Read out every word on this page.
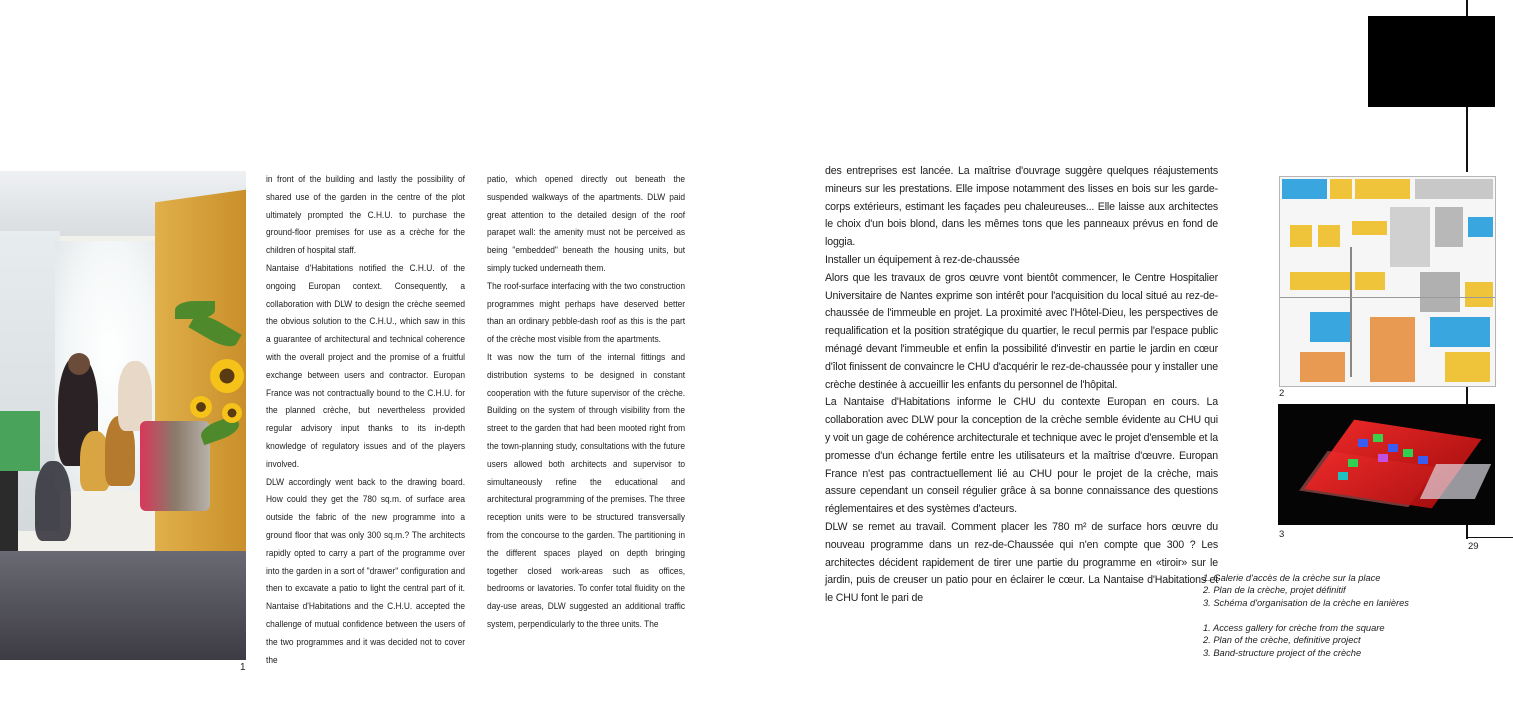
1

in front of the building and lastly the possibility of shared use of the garden in the centre of the plot ultimately prompted the C.H.U. to purchase the ground-floor premises for use as a crèche for the children of hospital staff.

Nantaise d'Habitations notified the C.H.U. of the ongoing Europan context. Consequently, a collaboration with DLW to design the crèche seemed the obvious solution to the C.H.U., which saw in this a guarantee of architectural and technical coherence with the overall project and the promise of a fruitful exchange between users and contractor. Europan France was not contractually bound to the C.H.U. for the planned crèche, but nevertheless provided regular advisory input thanks to its in-depth knowledge of regulatory issues and of the players involved.

DLW accordingly went back to the drawing board. How could they get the 780 sq.m. of surface area outside the fabric of the new programme into a ground floor that was only 300 sq.m.? The architects rapidly opted to carry a part of the programme over into the garden in a sort of "drawer" configuration and then to excavate a patio to light the central part of it. Nantaise d'Habitations and the C.H.U. accepted the challenge of mutual confidence between the users of the two programmes and it was decided not to cover the

patio, which opened directly out beneath the suspended walkways of the apartments. DLW paid great attention to the detailed design of the roof parapet wall: the amenity must not be perceived as being "embedded" beneath the housing units, but simply tucked underneath them.

The roof-surface interfacing with the two construction programmes might perhaps have deserved better than an ordinary pebble-dash roof as this is the part of the crèche most visible from the apartments.

It was now the turn of the internal fittings and distribution systems to be designed in constant cooperation with the future supervisor of the crèche. Building on the system of through visibility from the street to the garden that had been mooted right from the town-planning study, consultations with the future users allowed both architects and supervisor to simultaneously refine the educational and architectural programming of the premises. The three reception units were to be structured transversally from the concourse to the garden. The partitioning in the different spaces played on depth bringing together closed work-areas such as offices, bedrooms or lavatories. To confer total fluidity on the day-use areas, DLW suggested an additional traffic system, perpendicularly to the three units. The

des entreprises est lancée. La maîtrise d'ouvrage suggère quelques réajustements mineurs sur les prestations. Elle impose notamment des lisses en bois sur les garde-corps extérieurs, estimant les façades peu chaleureuses... Elle laisse aux architectes le choix d'un bois blond, dans les mêmes tons que les panneaux prévus en fond de loggia.

Installer un équipement à rez-de-chaussée

Alors que les travaux de gros œuvre vont bientôt commencer, le Centre Hospitalier Universitaire de Nantes exprime son intérêt pour l'acquisition du local situé au rez-de-chaussée de l'immeuble en projet. La proximité avec l'Hôtel-Dieu, les perspectives de requalification et la position stratégique du quartier, le recul permis par l'espace public ménagé devant l'immeuble et enfin la possibilité d'investir en partie le jardin en cœur d'îlot finissent de convaincre le CHU d'acquérir le rez-de-chaussée pour y installer une crèche destinée à accueillir les enfants du personnel de l'hôpital.

La Nantaise d'Habitations informe le CHU du contexte Europan en cours. La collaboration avec DLW pour la conception de la crèche semble évidente au CHU qui y voit un gage de cohérence architecturale et technique avec le projet d'ensemble et la promesse d'un échange fertile entre les utilisateurs et la maîtrise d'œuvre. Europan France n'est pas contractuellement lié au CHU pour le projet de la crèche, mais assure cependant un conseil régulier grâce à sa bonne connaissance des questions réglementaires et des systèmes d'acteurs.

DLW se remet au travail. Comment placer les 780 m² de surface hors œuvre du nouveau programme dans un rez-de-Chaussée qui n'en compte que 300 ? Les architectes décident rapidement de tirer une partie du programme en «tiroir» sur le jardin, puis de creuser un patio pour en éclairer le cœur. La Nantaise d'Habitations et le CHU font le pari de

2
3
29
1. Galerie d'accès de la crèche sur la place
2. Plan de la crèche, projet définitif
3. Schéma d'organisation de la crèche en lanières
1. Access gallery for crèche from the square
2. Plan of the crèche, definitive project
3. Band-structure project of the crèche
